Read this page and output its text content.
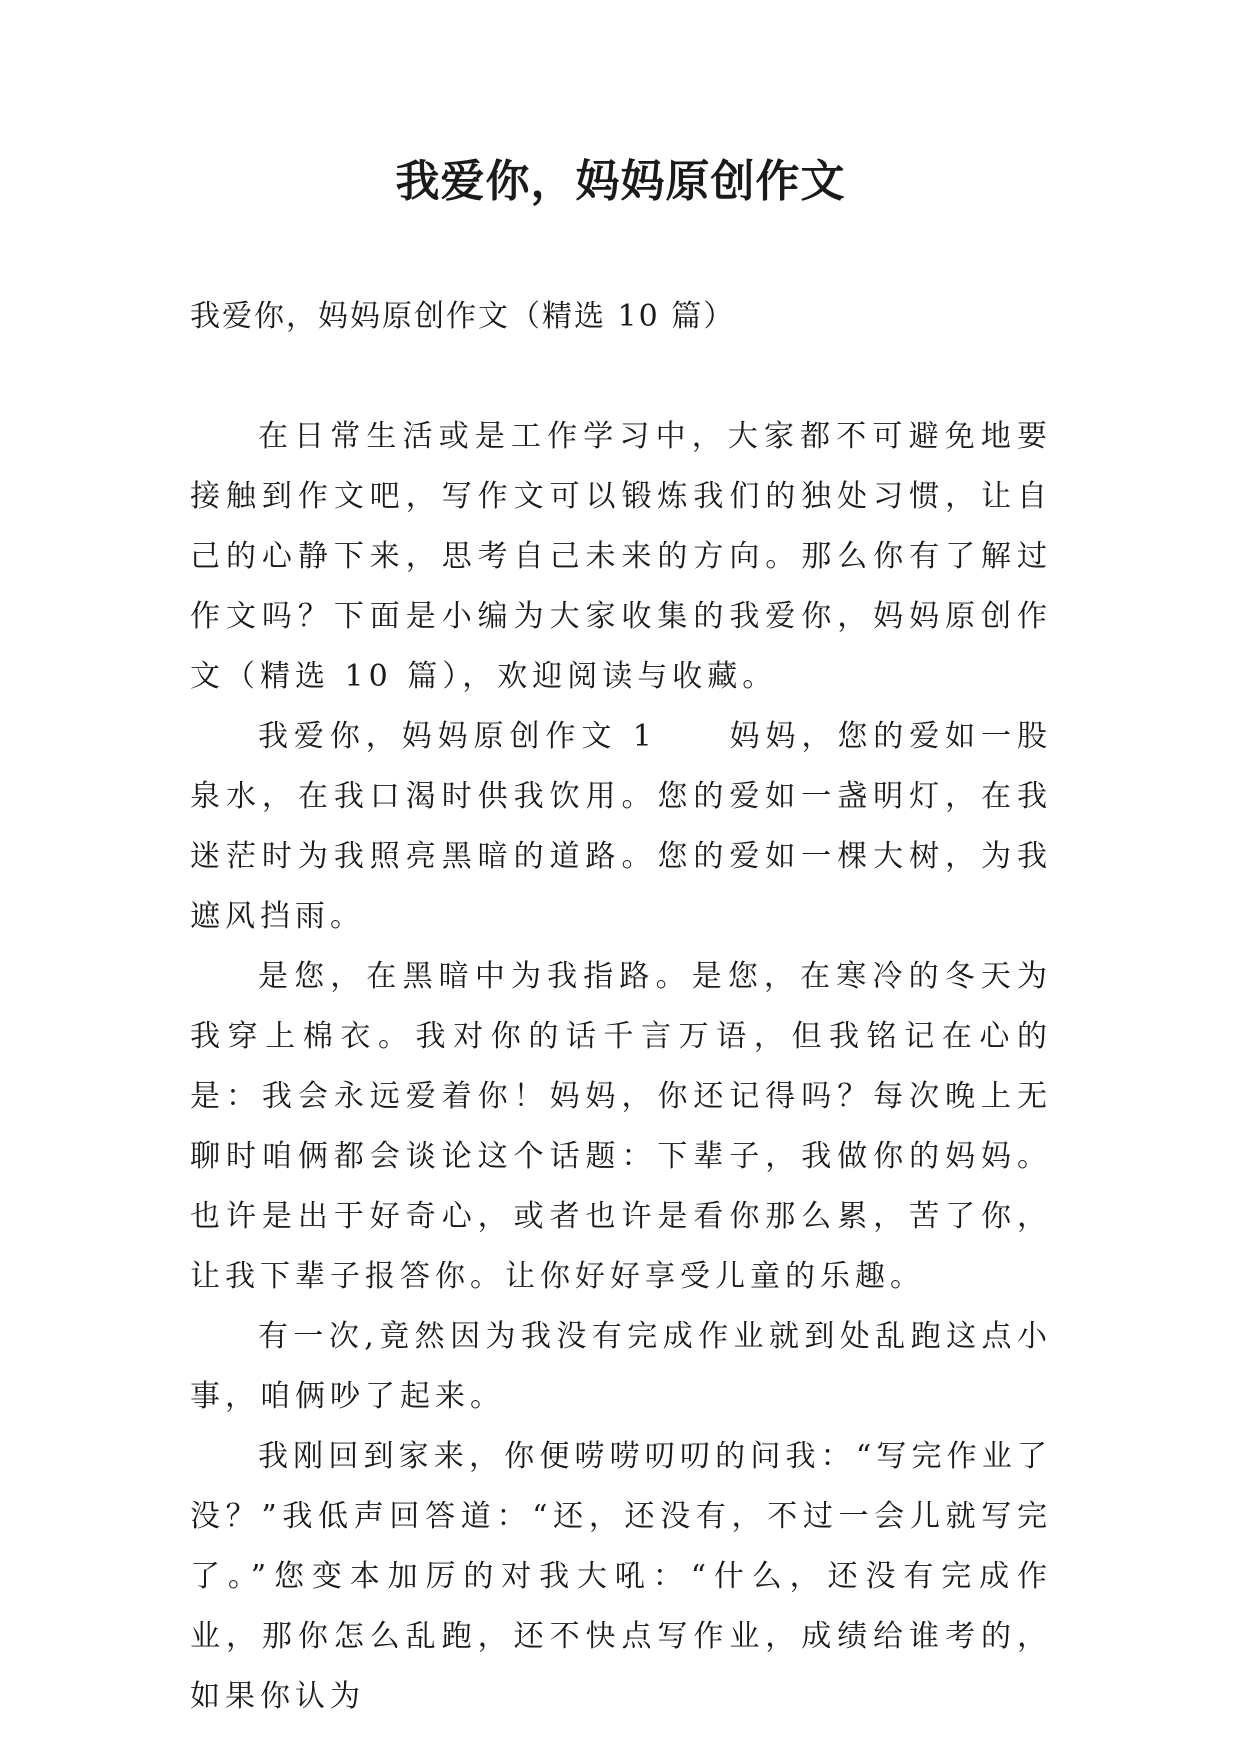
我爱你，妈妈原创作文
我爱你，妈妈原创作文（精选 10 篇）

在日常生活或是工作学习中，大家都不可避免地要接触到作文吧，写作文可以锻炼我们的独处习惯，让自己的心静下来，思考自己未来的方向。那么你有了解过作文吗？下面是小编为大家收集的我爱你，妈妈原创作文（精选 10 篇），欢迎阅读与收藏。

我爱你，妈妈原创作文 1　　妈妈，您的爱如一股泉水，在我口渴时供我饮用。您的爱如一盏明灯，在我迷茫时为我照亮黑暗的道路。您的爱如一棵大树，为我遮风挡雨。

是您，在黑暗中为我指路。是您，在寒冷的冬天为我穿上棉衣。我对你的话千言万语，但我铭记在心的是：我会永远爱着你！妈妈，你还记得吗？每次晚上无聊时咱俩都会谈论这个话题：下辈子，我做你的妈妈。也许是出于好奇心，或者也许是看你那么累，苦了你，让我下辈子报答你。让你好好享受儿童的乐趣。

有一次,竟然因为我没有完成作业就到处乱跑这点小事，咱俩吵了起来。

我刚回到家来，你便唠唠叨叨的问我：“写完作业了没？”我低声回答道：“还，还没有，不过一会儿就写完了。”您变本加厉的对我大吼：“什么，还没有完成作业，那你怎么乱跑，还不快点写作业，成绩给谁考的，如果你认为
